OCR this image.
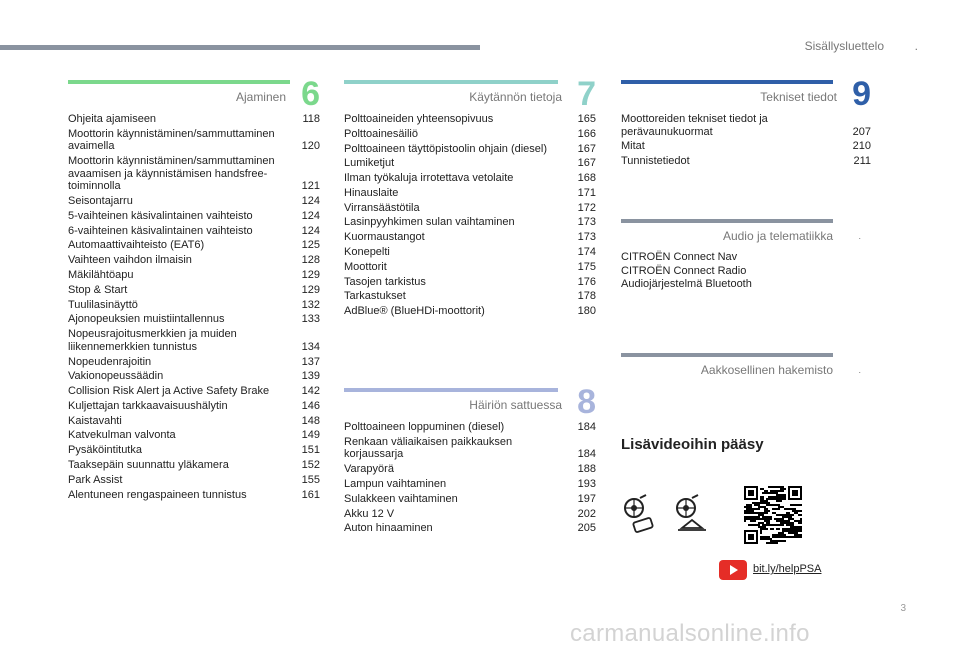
Sisällysluettelo	.
Ajaminen 6
Ohjeita ajamiseen	118
Moottorin käynnistäminen/sammuttaminen avaimella	120
Moottorin käynnistäminen/sammuttaminen avaamisen ja käynnistämisen handsfree-toiminnolla	121
Seisontajarru	124
5-vaihteinen käsivalintainen vaihteisto	124
6-vaihteinen käsivalintainen vaihteisto	124
Automaattivaihteisto (EAT6)	125
Vaihteen vaihdon ilmaisin	128
Mäkilähtöapu	129
Stop & Start	129
Tuulilasinäyttö	132
Ajonopeuksien muistiintallennus	133
Nopeusrajoitusmerkkien ja muiden liikennemerkkien tunnistus	134
Nopeudenrajoitin	137
Vakionopeussäädin	139
Collision Risk Alert ja Active Safety Brake	142
Kuljettajan tarkkaavaisuushälytin	146
Kaistavahti	148
Katvekulman valvonta	149
Pysäköintitutka	151
Taaksepäin suunnattu yläkamera	152
Park Assist	155
Alentuneen rengaspaineen tunnistus	161
Käytännön tietoja 7
Polttoaineiden yhteensopivuus	165
Polttoainesäiliö	166
Polttoaineen täyttöpistoolin ohjain (diesel)	167
Lumiketjut	167
Ilman työkaluja irrotettava vetolaite	168
Hinauslaite	171
Virransäästötila	172
Lasinpyyhkimen sulan vaihtaminen	173
Kuormaustangot	173
Konepelti	174
Moottorit	175
Tasojen tarkistus	176
Tarkastukset	178
AdBlue® (BlueHDi-moottorit)	180
Häiriön sattuessa 8
Polttoaineen loppuminen (diesel)	184
Renkaan väliaikaisen paikkauksen korjaussarja	184
Varapyörä	188
Lampun vaihtaminen	193
Sulakkeen vaihtaminen	197
Akku 12 V	202
Auton hinaaminen	205
Tekniset tiedot 9
Moottoreiden tekniset tiedot ja perävaunukuormat	207
Mitat	210
Tunnistetiedot	211
Audio ja telematiikka	.
CITROËN Connect Nav
CITROËN Connect Radio
Audiojärjestelmä Bluetooth
Aakkosellinen hakemisto	.
Lisävideoihin pääsy
bit.ly/helpPSA
3
carmanualsonline.info
